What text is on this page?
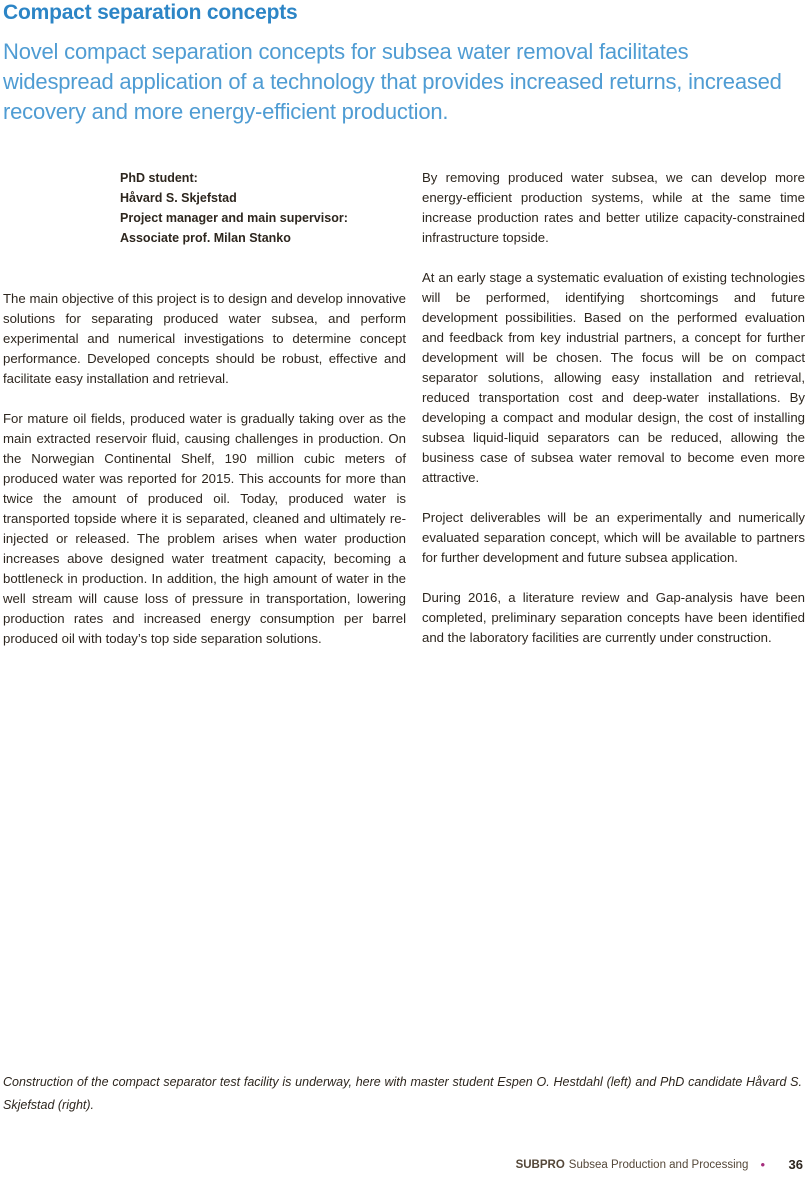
Compact separation concepts

Novel compact separation concepts for subsea water removal facilitates widespread application of a technology that provides increased returns, increased recovery and more energy-efficient production.

PhD student:
Håvard S. Skjefstad
Project manager and main supervisor:
Associate prof. Milan Stanko

The main objective of this project is to design and develop innovative solutions for separating produced water subsea, and perform experimental and numerical investigations to determine concept performance. Developed concepts should be robust, effective and facilitate easy installation and retrieval.

For mature oil fields, produced water is gradually taking over as the main extracted reservoir fluid, causing challenges in production. On the Norwegian Continental Shelf, 190 million cubic meters of produced water was reported for 2015. This accounts for more than twice the amount of produced oil. Today, produced water is transported topside where it is separated, cleaned and ultimately re-injected or released. The problem arises when water production increases above designed water treatment capacity, becoming a bottleneck in production. In addition, the high amount of water in the well stream will cause loss of pressure in transportation, lowering production rates and increased energy consumption per barrel produced oil with today’s top side separation solutions.

By removing produced water subsea, we can develop more energy-efficient production systems, while at the same time increase production rates and better utilize capacity-constrained infrastructure topside.

At an early stage a systematic evaluation of existing technologies will be performed, identifying shortcomings and future development possibilities. Based on the performed evaluation and feedback from key industrial partners, a concept for further development will be chosen. The focus will be on compact separator solutions, allowing easy installation and retrieval, reduced transportation cost and deep-water installations. By developing a compact and modular design, the cost of installing subsea liquid-liquid separators can be reduced, allowing the business case of subsea water removal to become even more attractive.

Project deliverables will be an experimentally and numerically evaluated separation concept, which will be available to partners for further development and future subsea application.

During 2016, a literature review and Gap-analysis have been completed, preliminary separation concepts have been identified and the laboratory facilities are currently under construction.

Construction of the compact separator test facility is underway, here with master student Espen O. Hestdahl (left) and PhD candidate Håvard S. Skjefstad (right).

SUBPRO Subsea Production and Processing •	36
